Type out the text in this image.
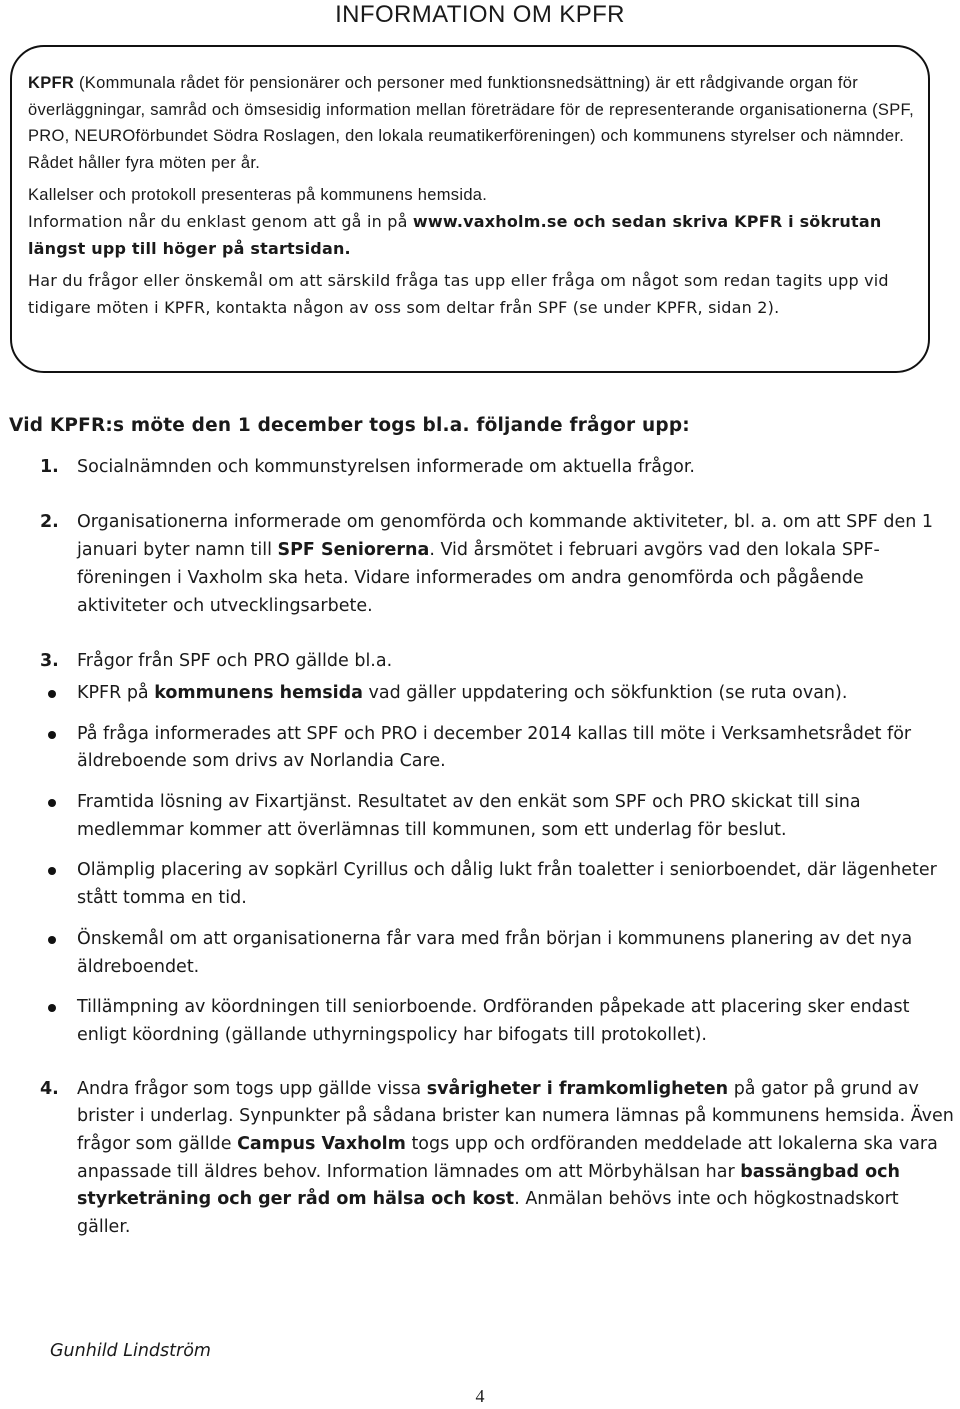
INFORMATION OM KPFR

KPFR (Kommunala rådet för pensionärer och personer med funktionsnedsättning) är ett rådgivande organ för överläggningar, samråd och ömsesidig information mellan företrädare för de representerande organisationerna (SPF, PRO, NEUROförbundet Södra Roslagen, den lokala reumatikerföreningen) och kommunens styrelser och nämnder. Rådet håller fyra möten per år.

Kallelser och protokoll presenteras på kommunens hemsida.
Information når du enklast genom att gå in på www.vaxholm.se och sedan skriva KPFR i sökrutan längst upp till höger på startsidan.

Har du frågor eller önskemål om att särskild fråga tas upp eller fråga om något som redan tagits upp vid tidigare möten i KPFR, kontakta någon av oss som deltar från SPF (se under KPFR, sidan 2).

Vid KPFR:s möte den 1 december togs bl.a. följande frågor upp:

1. Socialnämnden och kommunstyrelsen informerade om aktuella frågor.

2. Organisationerna informerade om genomförda och kommande aktiviteter, bl. a. om att SPF den 1 januari byter namn till SPF Seniorerna. Vid årsmötet i februari avgörs vad den lokala SPF-föreningen i Vaxholm ska heta. Vidare informerades om andra genomförda och pågående aktiviteter och utvecklingsarbete.

3. Frågor från SPF och PRO gällde bl.a.

KPFR på kommunens hemsida vad gäller uppdatering och sökfunktion (se ruta ovan).
På fråga informerades att SPF och PRO i december 2014 kallas till möte i Verksamhetsrådet för äldreboende som drivs av Norlandia Care.
Framtida lösning av Fixartjänst. Resultatet av den enkät som SPF och PRO skickat till sina medlemmar kommer att överlämnas till kommunen, som ett underlag för beslut.
Olämplig placering av sopkärl Cyrillus och dålig lukt från toaletter i seniorboendet, där lägenheter stått tomma en tid.
Önskemål om att organisationerna får vara med från början i kommunens planering av det nya äldreboendet.
Tillämpning av köordningen till seniorboende. Ordföranden påpekade att placering sker endast enligt köordning (gällande uthyrningspolicy har bifogats till protokollet).
4. Andra frågor som togs upp gällde vissa svårigheter i framkomligheten på gator på grund av brister i underlag. Synpunkter på sådana brister kan numera lämnas på kommunens hemsida. Även frågor som gällde Campus Vaxholm togs upp och ordföranden meddelade att lokalerna ska vara anpassade till äldres behov. Information lämnades om att Mörbyhälsan har bassängbad och styrketräning och ger råd om hälsa och kost. Anmälan behövs inte och högkostnadskort gäller.

Gunhild Lindström
4
